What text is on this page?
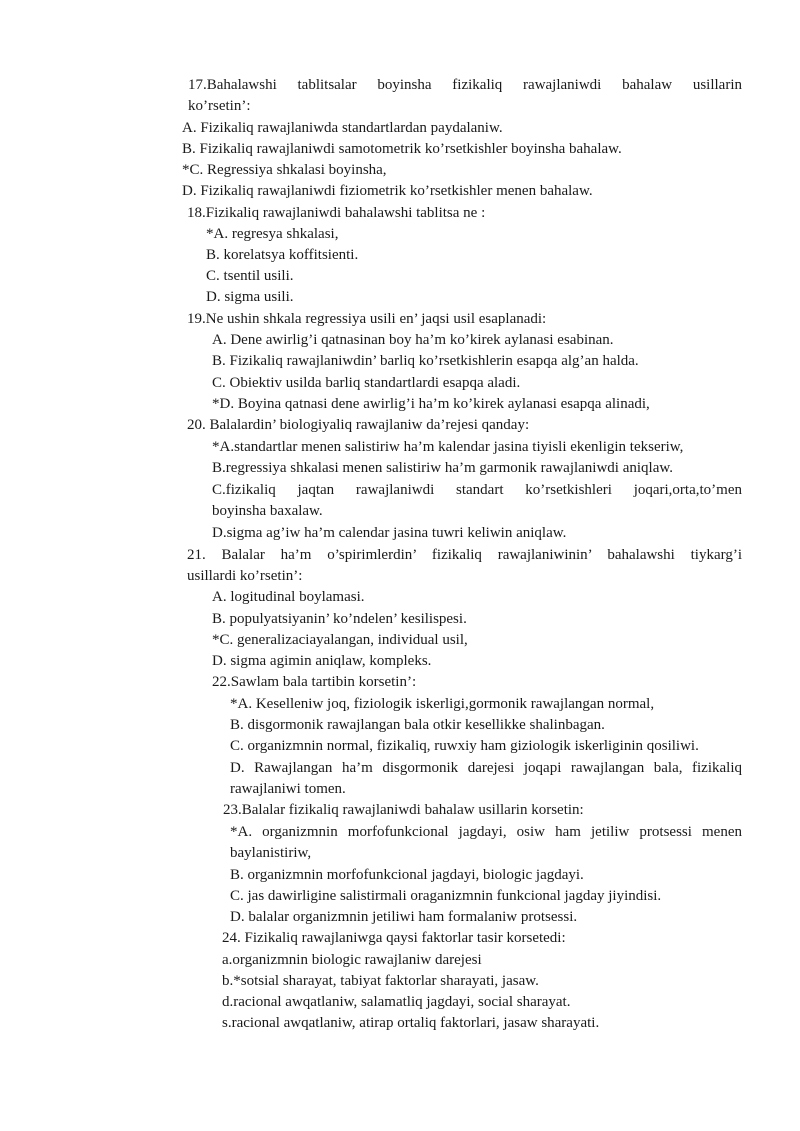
17.Bahalawshi tablitsalar boyinsha fizikaliq rawajlaniwdi bahalaw usillarin
ko’rsetin’:
A. Fizikaliq rawajlaniwda standartlardan paydalaniw.
B. Fizikaliq rawajlaniwdi samotometrik ko’rsetkishler boyinsha bahalaw.
*C. Regressiya shkalasi boyinsha,
D. Fizikaliq rawajlaniwdi fiziometrik ko’rsetkishler menen bahalaw.
18.Fizikaliq rawajlaniwdi bahalawshi tablitsa ne :
*A. regresya shkalasi,
B. korelatsya koffitsienti.
C. tsentil usili.
D. sigma usili.
19.Ne ushin shkala regressiya usili en’ jaqsi usil esaplanadi:
A. Dene awirlig’i qatnasinan boy ha’m ko’kirek aylanasi esabinan.
B. Fizikaliq rawajlaniwdin’ barliq ko’rsetkishlerin esapqa alg’an halda.
C. Obiektiv usilda barliq standartlardi esapqa aladi.
*D. Boyina qatnasi dene awirlig’i ha’m ko’kirek aylanasi esapqa alinadi,
20. Balalardin’ biologiyaliq rawajlaniw da’rejesi qanday:
*A.standartlar menen salistiriw ha’m kalendar jasina tiyisli ekenligin tekseriw,
B.regressiya shkalasi menen salistiriw ha’m garmonik rawajlaniwdi aniqlaw.
C.fizikaliq jaqtan rawajlaniwdi standart ko’rsetkishleri joqari,orta,to’men
boyinsha baxalaw.
D.sigma ag’iw ha’m calendar jasina tuwri keliwin aniqlaw.
21. Balalar ha’m o’spirimlerdin’ fizikaliq rawajlaniwinin’ bahalawshi tiykarg’i
usillardi ko’rsetin’:
A. logitudinal boylamasi.
B. populyatsiyanin’ ko’ndelen’ kesilispesi.
*C. generalizaciayalangan, individual usil,
D. sigma agimin aniqlaw, kompleks.
22.Sawlam bala tartibin korsetin’:
*A. Keselleniw joq, fiziologik iskerligi,gormonik rawajlangan normal,
B. disgormonik rawajlangan bala otkir kesellikke shalinbagan.
C. organizmnin normal, fizikaliq, ruwxiy ham giziologik iskerliginin qosiliwi.
D. Rawajlangan ha’m disgormonik darejesi joqapi rawajlangan bala, fizikaliq
rawajlaniwi tomen.
23.Balalar fizikaliq rawajlaniwdi bahalaw usillarin korsetin:
*A. organizmnin morfofunkcional jagdayi, osiw ham jetiliw protsessi menen
baylanistiriw,
B. organizmnin morfofunkcional jagdayi, biologic jagdayi.
C. jas dawirligine salistirmali oraganizmnin funkcional jagday jiyindisi.
D. balalar organizmnin jetiliwi ham formalaniw protsessi.
24. Fizikaliq rawajlaniwga qaysi faktorlar tasir korsetedi:
a.organizmnin biologic rawajlaniw darejesi
b.*sotsial sharayat, tabiyat faktorlar sharayati, jasaw.
d.racional awqatlaniw, salamatliq jagdayi, social sharayat.
s.racional awqatlaniw, atirap ortaliq faktorlari, jasaw sharayati.
